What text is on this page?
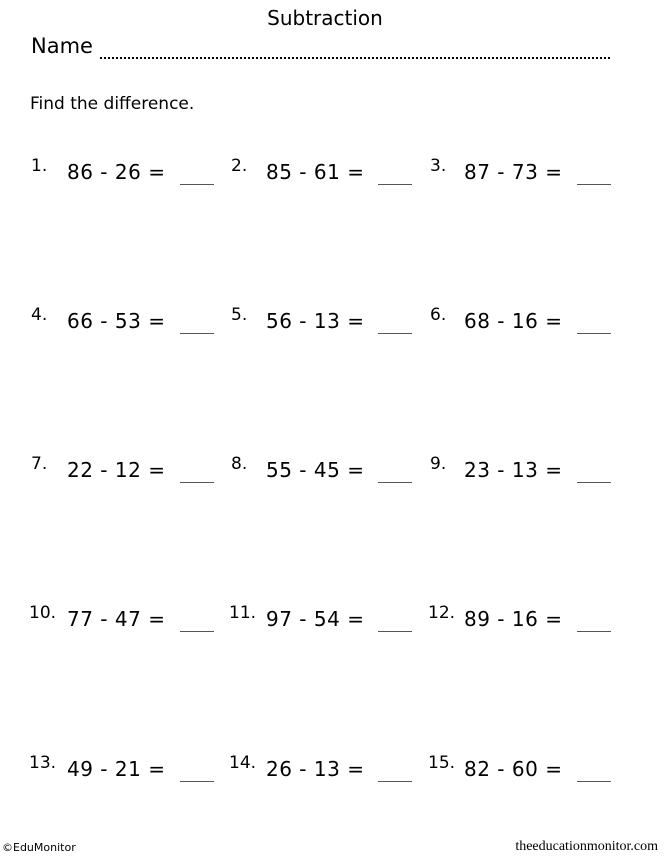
Subtraction
Name
Find the difference.
1. 86 - 26 =	2. 85 - 61 =	3. 87 - 73 =
4. 66 - 53 =	5. 56 - 13 =	6. 68 - 16 =
7. 22 - 12 =	8. 55 - 45 =	9. 23 - 13 =
10. 77 - 47 =	11. 97 - 54 =	12. 89 - 16 =
13. 49 - 21 =	14. 26 - 13 =	15. 82 - 60 =
©EduMonitor	theeducationmonitor.com
